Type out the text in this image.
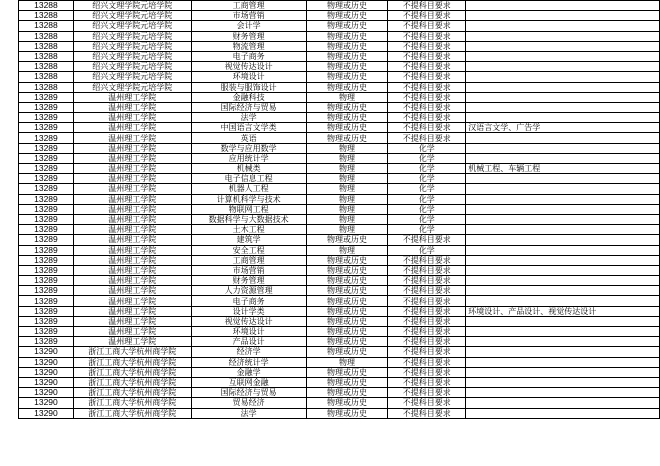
13288	绍兴文理学院元培学院	工商管理	物理或历史	不提科目要求	
13288	绍兴文理学院元培学院	市场营销	物理或历史	不提科目要求	
13288	绍兴文理学院元培学院	会计学	物理或历史	不提科目要求	
13288	绍兴文理学院元培学院	财务管理	物理或历史	不提科目要求	
13288	绍兴文理学院元培学院	物流管理	物理或历史	不提科目要求	
13288	绍兴文理学院元培学院	电子商务	物理或历史	不提科目要求	
13288	绍兴文理学院元培学院	视觉传达设计	物理或历史	不提科目要求	
13288	绍兴文理学院元培学院	环境设计	物理或历史	不提科目要求	
13288	绍兴文理学院元培学院	服装与服饰设计	物理或历史	不提科目要求	
13289	温州理工学院	金融科技	物理	不提科目要求	
13289	温州理工学院	国际经济与贸易	物理或历史	不提科目要求	
13289	温州理工学院	法学	物理或历史	不提科目要求	
13289	温州理工学院	中国语言文学类	物理或历史	不提科目要求	汉语言文学、广告学
13289	温州理工学院	英语	物理或历史	不提科目要求	
13289	温州理工学院	数学与应用数学	物理	化学	
13289	温州理工学院	应用统计学	物理	化学	
13289	温州理工学院	机械类	物理	化学	机械工程、车辆工程
13289	温州理工学院	电子信息工程	物理	化学	
13289	温州理工学院	机器人工程	物理	化学	
13289	温州理工学院	计算机科学与技术	物理	化学	
13289	温州理工学院	物联网工程	物理	化学	
13289	温州理工学院	数据科学与大数据技术	物理	化学	
13289	温州理工学院	土木工程	物理	化学	
13289	温州理工学院	建筑学	物理或历史	不提科目要求	
13289	温州理工学院	安全工程	物理	化学	
13289	温州理工学院	工商管理	物理或历史	不提科目要求	
13289	温州理工学院	市场营销	物理或历史	不提科目要求	
13289	温州理工学院	财务管理	物理或历史	不提科目要求	
13289	温州理工学院	人力资源管理	物理或历史	不提科目要求	
13289	温州理工学院	电子商务	物理或历史	不提科目要求	
13289	温州理工学院	设计学类	物理或历史	不提科目要求	环境设计、产品设计、视觉传达设计
13289	温州理工学院	视觉传达设计	物理或历史	不提科目要求	
13289	温州理工学院	环境设计	物理或历史	不提科目要求	
13289	温州理工学院	产品设计	物理或历史	不提科目要求	
13290	浙江工商大学杭州商学院	经济学	物理或历史	不提科目要求	
13290	浙江工商大学杭州商学院	经济统计学	物理	不提科目要求	
13290	浙江工商大学杭州商学院	金融学	物理或历史	不提科目要求	
13290	浙江工商大学杭州商学院	互联网金融	物理或历史	不提科目要求	
13290	浙江工商大学杭州商学院	国际经济与贸易	物理或历史	不提科目要求	
13290	浙江工商大学杭州商学院	贸易经济	物理或历史	不提科目要求	
13290	浙江工商大学杭州商学院	法学	物理或历史	不提科目要求	
